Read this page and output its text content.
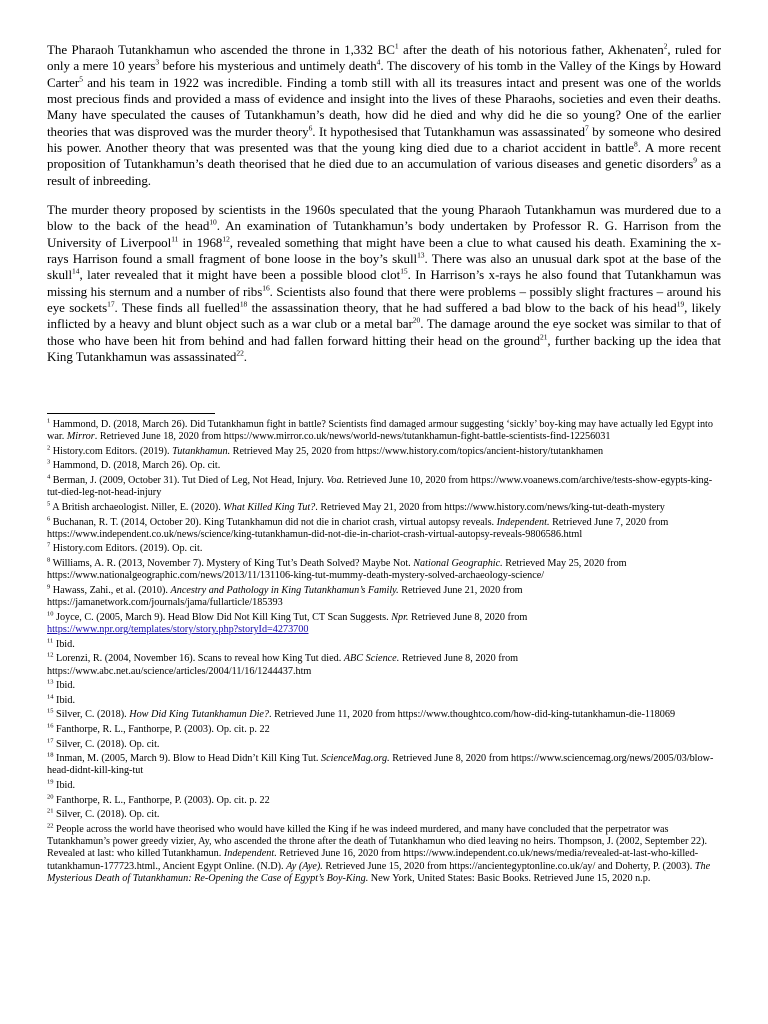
The Pharaoh Tutankhamun who ascended the throne in 1,332 $BC^1$ after the death of his notorious father, Akhenaten$^2$, ruled for only a mere 10 years$^3$ before his mysterious and untimely death$^4$. The discovery of his tomb in the Valley of the Kings by Howard Carter$^5$ and his team in 1922 was incredible. Finding a tomb still with all its treasures intact and present was one of the worlds most precious finds and provided a mass of evidence and insight into the lives of these Pharaohs, societies and even their deaths. Many have speculated the causes of Tutankhamun’s death, how did he died and why did he die so young? One of the earlier theories that was disproved was the murder theory$^6$. It hypothesised that Tutankhamun was assassinated$^7$ by someone who desired his power. Another theory that was presented was that the young king died due to a chariot accident in battle$^8$. A more recent proposition of Tutankhamun’s death theorised that he died due to an accumulation of various diseases and genetic disorders$^9$ as a result of inbreeding.

The murder theory proposed by scientists in the 1960s speculated that the young Pharaoh Tutankhamun was murdered due to a blow to the back of the head$^{10}$. An examination of Tutankhamun’s body undertaken by Professor R. G. Harrison from the University of Liverpool$^{11}$ in 1968$^{12}$, revealed something that might have been a clue to what caused his death. Examining the x-rays Harrison found a small fragment of bone loose in the boy’s skull$^{13}$. There was also an unusual dark spot at the base of the skull$^{14}$, later revealed that it might have been a possible blood clot$^{15}$. In Harrison’s x-rays he also found that Tutankhamun was missing his sternum and a number of ribs$^{16}$. Scientists also found that there were problems – possibly slight fractures – around his eye sockets$^{17}$. These finds all fuelled$^{18}$ the assassination theory, that he had suffered a bad blow to the back of his head$^{19}$, likely inflicted by a heavy and blunt object such as a war club or a metal bar$^{20}$. The damage around the eye socket was similar to that of those who have been hit from behind and had fallen forward hitting their head on the ground$^{21}$, further backing up the idea that King Tutankhamun was assassinated$^{22}$.

$^1$ Hammond, D. (2018, March 26). Did Tutankhamun fight in battle? Scientists find damaged armour suggesting ‘sickly’ boy-king may have actually led Egypt into war. Mirror. Retrieved June 18, 2020 from https://www.mirror.co.uk/news/world-news/tutankhamun-fight-battle-scientists-find-12256031

$^2$ History.com Editors. (2019). Tutankhamun. Retrieved May 25, 2020 from https://www.history.com/topics/ancient-history/tutankhamen

$^3$ Hammond, D. (2018, March 26). Op. cit.

$^4$ Berman, J. (2009, October 31). Tut Died of Leg, Not Head, Injury. Voa. Retrieved June 10, 2020 from https://www.voanews.com/archive/tests-show-egypts-king-tut-died-leg-not-head-injury

$^5$ A British archaeologist. Niller, E. (2020). What Killed King Tut?. Retrieved May 21, 2020 from https://www.history.com/news/king-tut-death-mystery

$^6$ Buchanan, R. T. (2014, October 20). King Tutankhamun did not die in chariot crash, virtual autopsy reveals. Independent. Retrieved June 7, 2020 from https://www.independent.co.uk/news/science/king-tutankhamun-did-not-die-in-chariot-crash-virtual-autopsy-reveals-9806586.html

$^7$ History.com Editors. (2019). Op. cit.

$^8$ Williams, A. R. (2013, November 7). Mystery of King Tut’s Death Solved? Maybe Not. National Geographic. Retrieved May 25, 2020 from https://www.nationalgeographic.com/news/2013/11/131106-king-tut-mummy-death-mystery-solved-archaeology-science/

$^9$ Hawass, Zahi., et al. (2010). Ancestry and Pathology in King Tutankhamun’s Family. Retrieved June 21, 2020 from https://jamanetwork.com/journals/jama/fullarticle/185393

$^{10}$ Joyce, C. (2005, March 9). Head Blow Did Not Kill King Tut, CT Scan Suggests. Npr. Retrieved June 8, 2020 from https://www.npr.org/templates/story/story.php?storyId=4273700

$^{11}$ Ibid.

$^{12}$ Lorenzi, R. (2004, November 16). Scans to reveal how King Tut died. ABC Science. Retrieved June 8, 2020 from https://www.abc.net.au/science/articles/2004/11/16/1244437.htm

$^{13}$ Ibid.

$^{14}$ Ibid.

$^{15}$ Silver, C. (2018). How Did King Tutankhamun Die?. Retrieved June 11, 2020 from https://www.thoughtco.com/how-did-king-tutankhamun-die-118069

$^{16}$ Fanthorpe, R. L., Fanthorpe, P. (2003). Op. cit. p. 22

$^{17}$ Silver, C. (2018). Op. cit.

$^{18}$ Inman, M. (2005, March 9). Blow to Head Didn’t Kill King Tut. ScienceMag.org. Retrieved June 8, 2020 from https://www.sciencemag.org/news/2005/03/blow-head-didnt-kill-king-tut

$^{19}$ Ibid.

$^{20}$ Fanthorpe, R. L., Fanthorpe, P. (2003). Op. cit. p. 22

$^{21}$ Silver, C. (2018). Op. cit.

$^{22}$ People across the world have theorised who would have killed the King if he was indeed murdered, and many have concluded that the perpetrator was Tutankhamun’s power greedy vizier, Ay, who ascended the throne after the death of Tutankhamun who died leaving no heirs. Thompson, J. (2002, September 22). Revealed at last: who killed Tutankhamun. Independent. Retrieved June 16, 2020 from https://www.independent.co.uk/news/media/revealed-at-last-who-killed-tutankhamun-177723.html., Ancient Egypt Online. (N.D). Ay (Aye). Retrieved June 15, 2020 from https://ancientegyptonline.co.uk/ay/ and Doherty, P. (2003). The Mysterious Death of Tutankhamun: Re-Opening the Case of Egypt’s Boy-King. New York, United States: Basic Books. Retrieved June 15, 2020 n.p.
